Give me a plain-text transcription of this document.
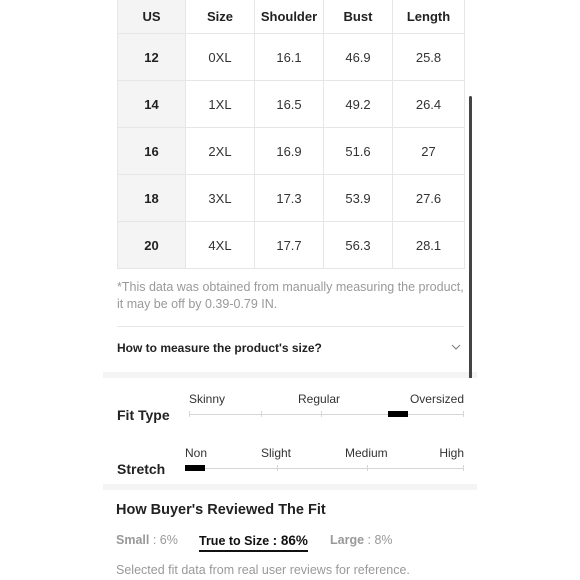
US	Size	Shoulder	Bust	Length
12	0XL	16.1	46.9	25.8
14	1XL	16.5	49.2	26.4
16	2XL	16.9	51.6	27
18	3XL	17.3	53.9	27.6
20	4XL	17.7	56.3	28.1
*This data was obtained from manually measuring the product, it may be off by 0.39-0.79 IN.
How to measure the product's size?
Fit Type
Skinny	Regular	Oversized
Stretch
Non	Slight	Medium	High
How Buyer's Reviewed The Fit
Small : 6% True to Size : 86% Large : 8%
Selected fit data from real user reviews for reference.
